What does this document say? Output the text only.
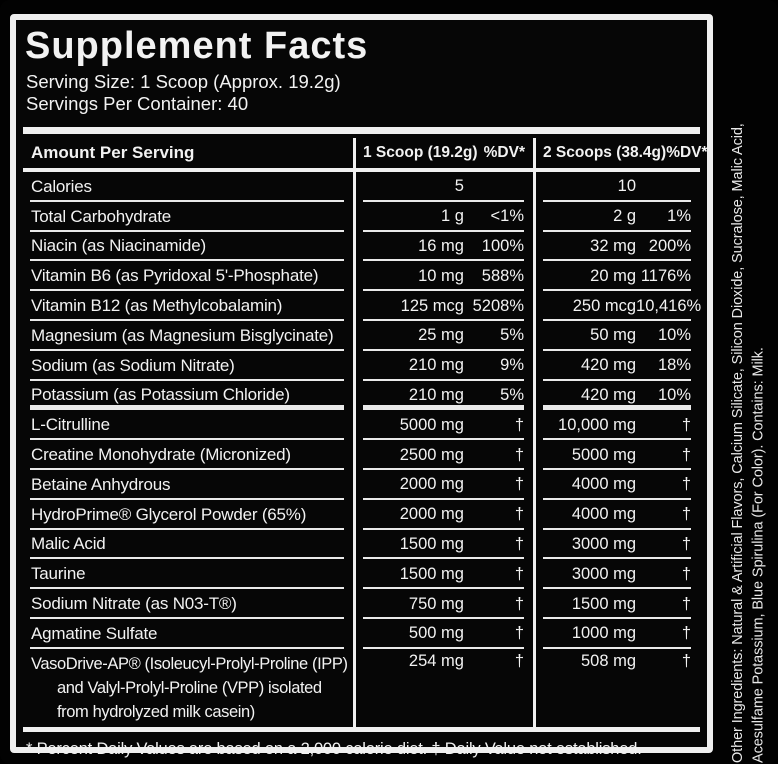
Supplement Facts
Serving Size: 1 Scoop (Approx. 19.2g)
Servings Per Container: 40
Amount Per Serving	1 Scoop (19.2g) %DV*	2 Scoops (38.4g) %DV*
Calories	5	10
Total Carbohydrate	1 g	<1%	2 g	1%
Niacin (as Niacinamide)	16 mg	100%	32 mg 200%
Vitamin B6 (as Pyridoxal 5'-Phosphate)	10 mg	588%	20 mg 1176%
Vitamin B12 (as Methylcobalamin)	125 mcg 5208%	250 mcg 10,416%
Magnesium (as Magnesium Bisglycinate)	25 mg	5%	50 mg	10%
Sodium (as Sodium Nitrate)	210 mg	9%	420 mg	18%
Potassium (as Potassium Chloride)	210 mg	5%	420 mg	10%
L-Citrulline	5000 mg	†	10,000 mg	†
Creatine Monohydrate (Micronized)	2500 mg	†	5000 mg	†
Betaine Anhydrous	2000 mg	†	4000 mg	†
HydroPrime® Glycerol Powder (65%)	2000 mg	†	4000 mg	†
Malic Acid	1500 mg	†	3000 mg	†
Taurine	1500 mg	†	3000 mg	†
Sodium Nitrate (as N03-T®)	750 mg	†	1500 mg	†
Agmatine Sulfate	500 mg	†	1000 mg	†
VasoDrive-AP® (Isoleucyl-Prolyl-Proline (IPP) and Valyl-Prolyl-Proline (VPP) isolated from hydrolyzed milk casein)
254 mg	†	508 mg	†
* Percent Daily Values are based on a 2,000 calorie diet. † Daily Value not established.	Other Ingredients: Natural & Artificial Flavors, Calcium Silicate, Silicon Dioxide, Sucralose, Malic Acid, Acesulfame Potassium, Blue Spirulina (For Color). Contains: Milk.
